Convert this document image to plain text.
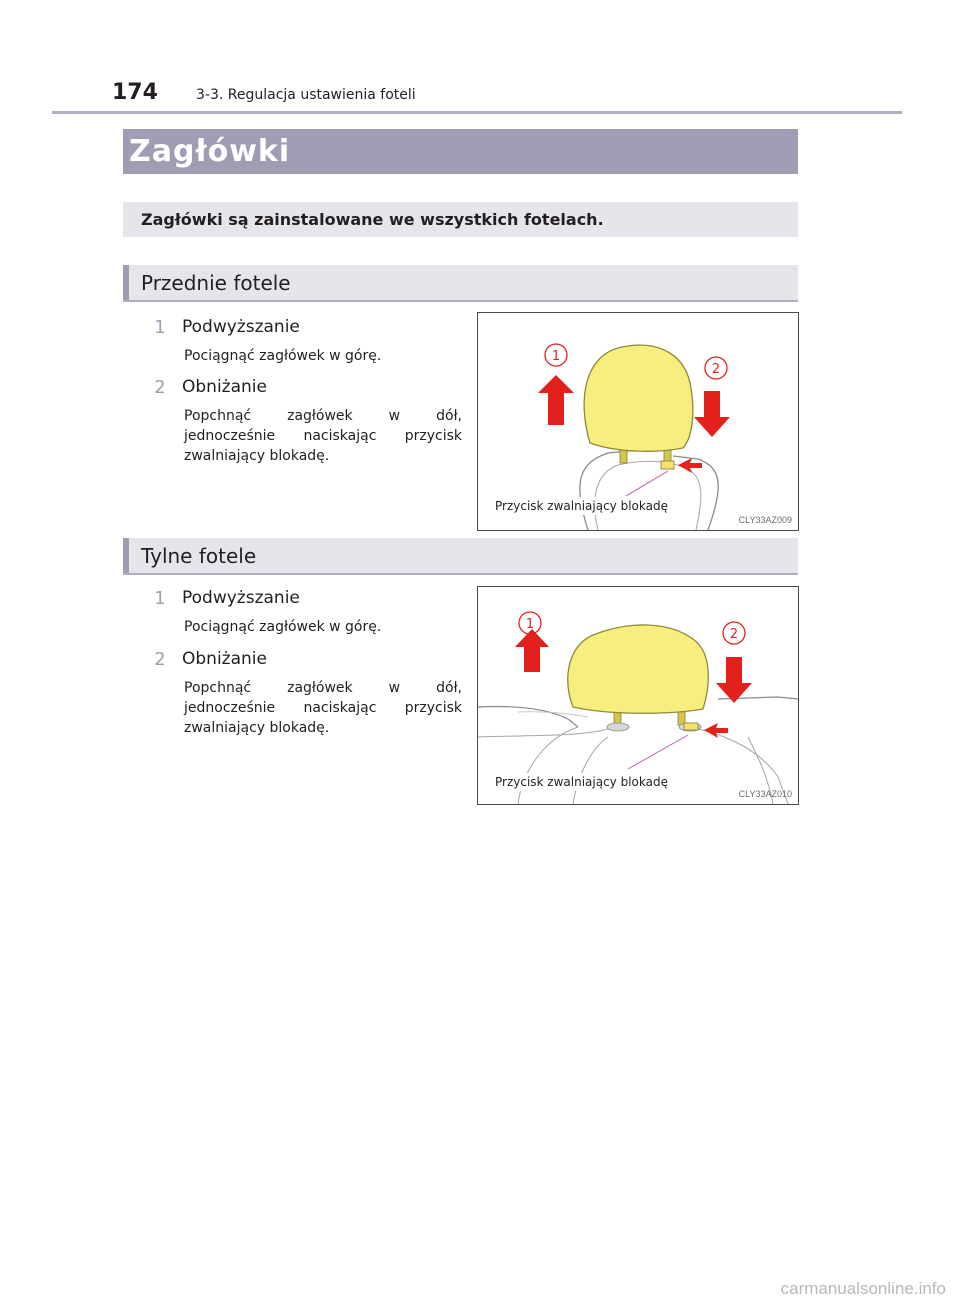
174	3-3. Regulacja ustawienia foteli
Zagłówki
Zagłówki są zainstalowane we wszystkich fotelach.
Przednie fotele
1 Podwyższanie
Pociągnąć zagłówek w górę.
2 Obniżanie
Popchnąć zagłówek w dół, jednocześnie naciskając przycisk zwalniający blokadę.
1
2
Przycisk zwalniający blokadę
CLY33AZ009
Tylne fotele
1 Podwyższanie
Pociągnąć zagłówek w górę.
2 Obniżanie
Popchnąć zagłówek w dół, jednocześnie naciskając przycisk zwalniający blokadę.
1
2
Przycisk zwalniający blokadę
CLY33AZ010
carmanualsonline.info
